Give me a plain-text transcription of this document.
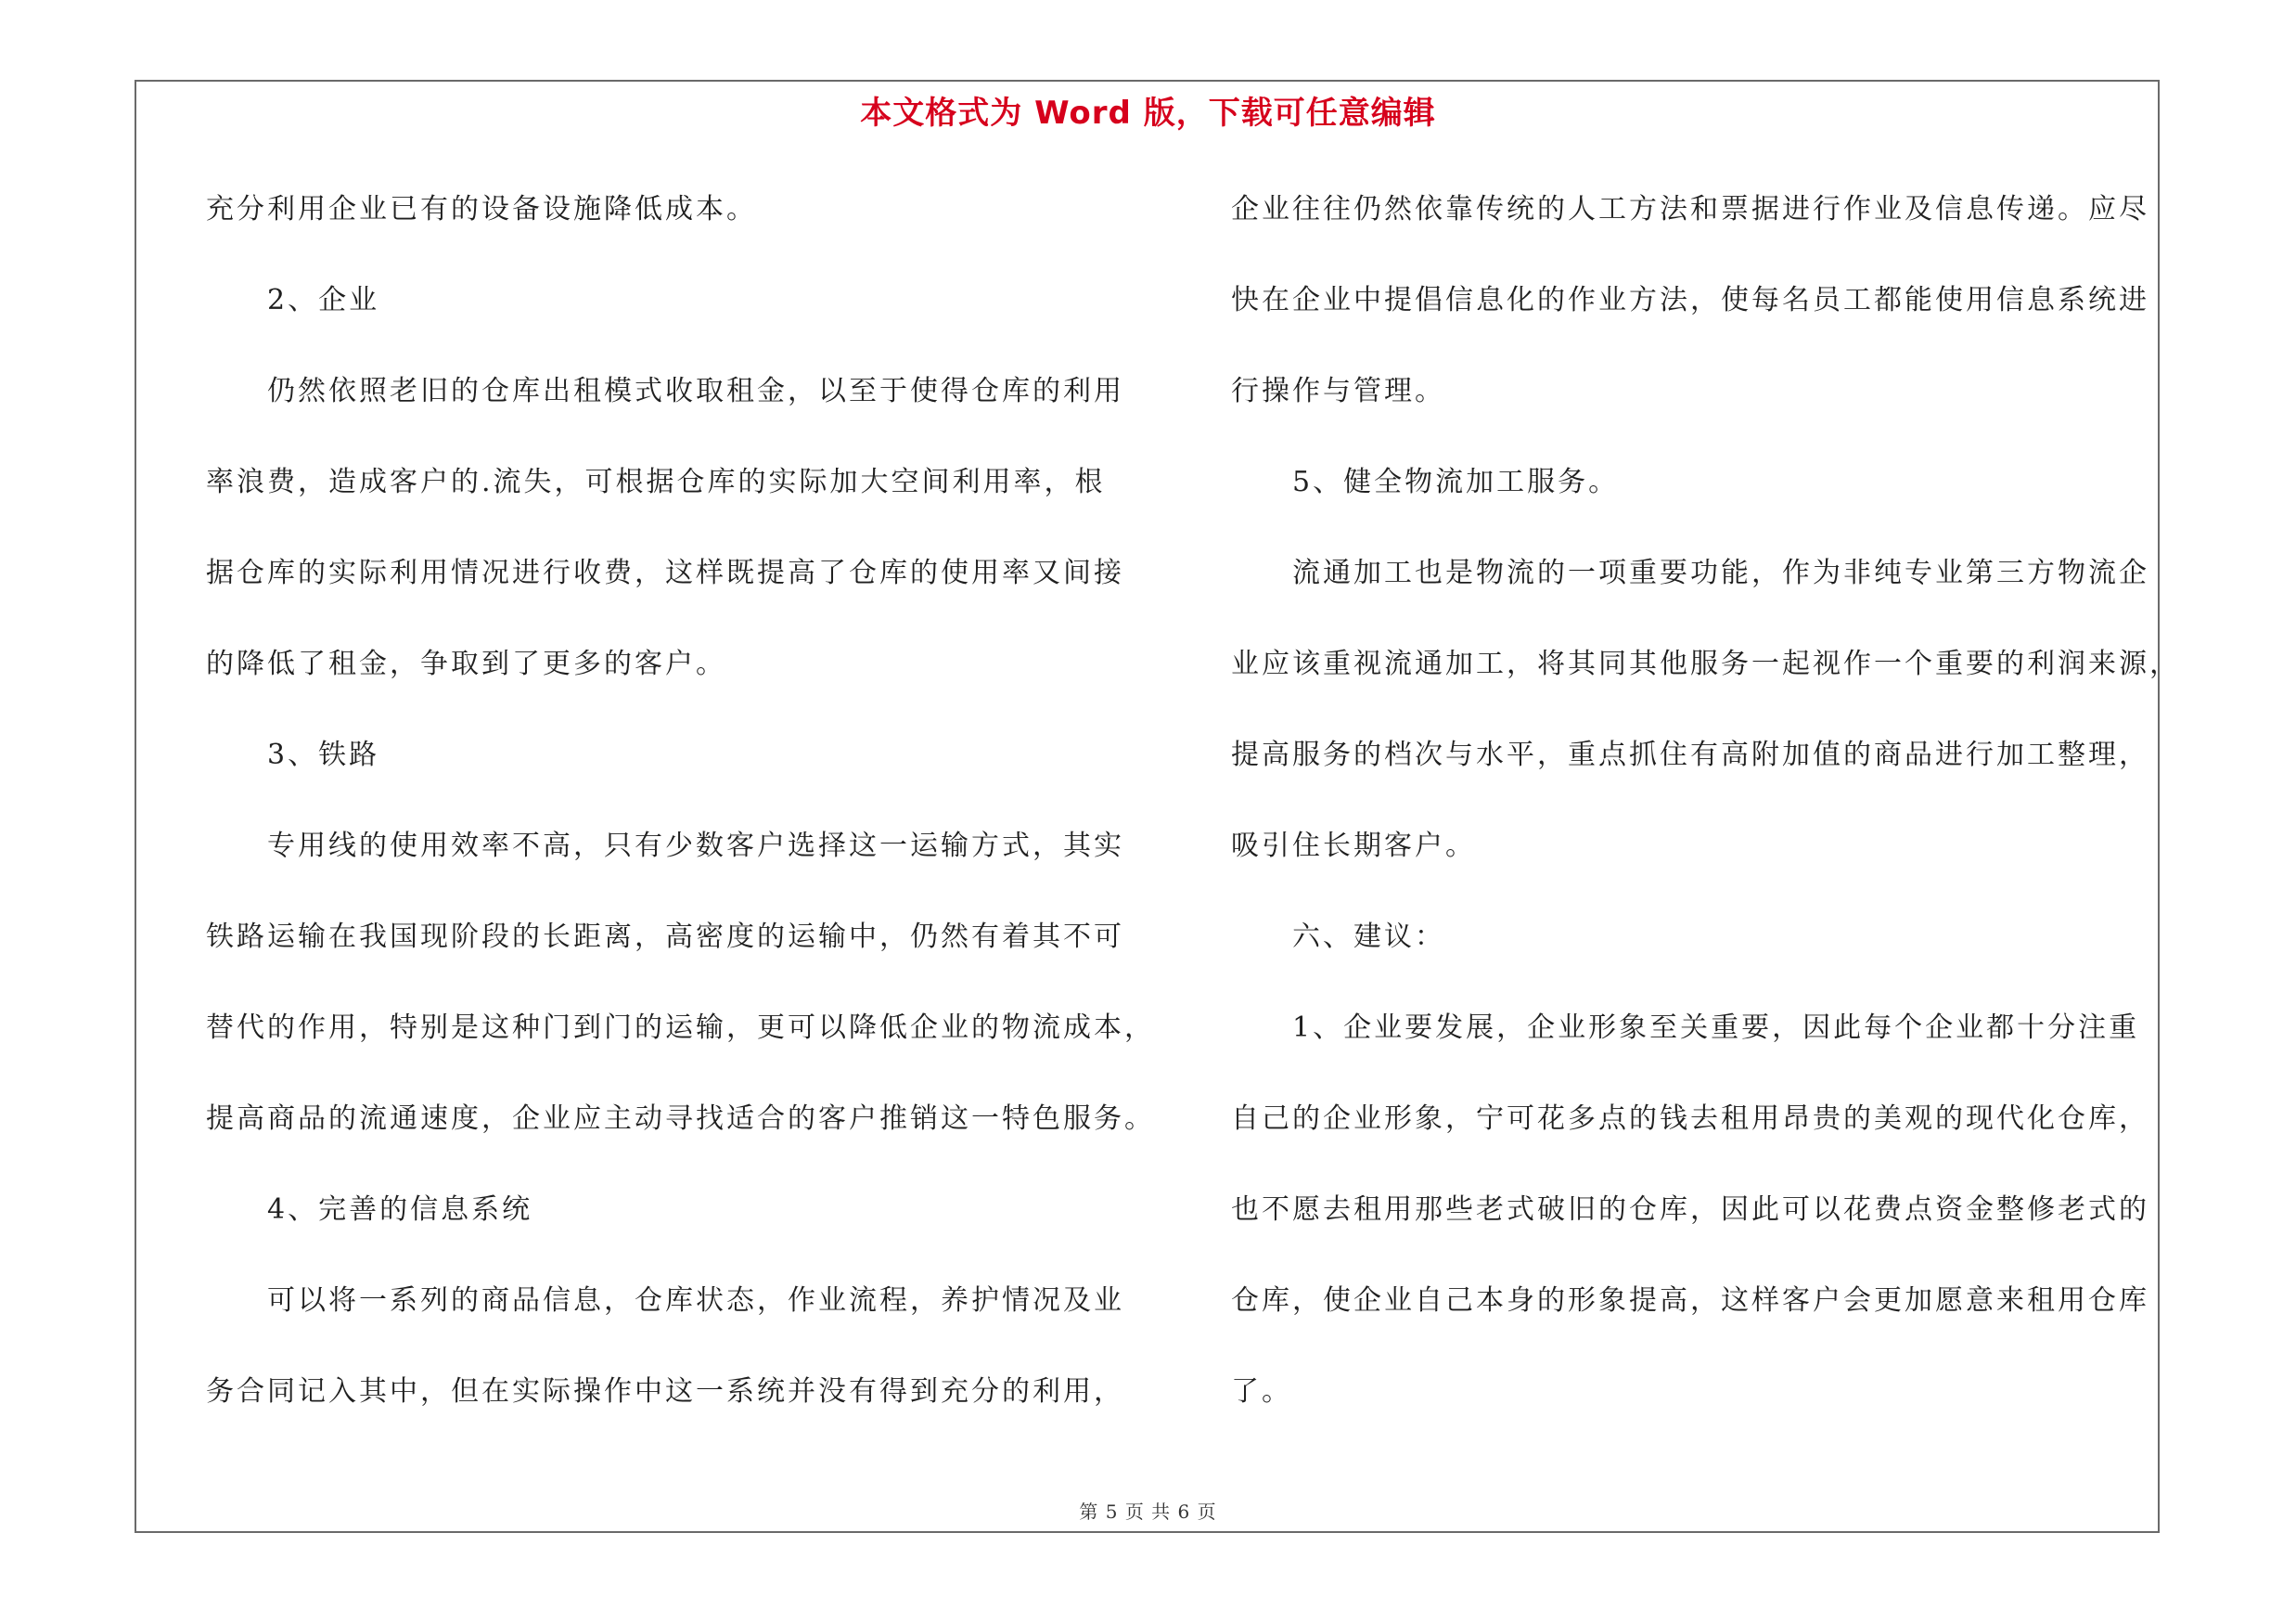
本文格式为 Word 版，下载可任意编辑
充分利用企业已有的设备设施降低成本。
　　2、企业
　　仍然依照老旧的仓库出租模式收取租金，以至于使得仓库的利用
率浪费，造成客户的.流失，可根据仓库的实际加大空间利用率，根
据仓库的实际利用情况进行收费，这样既提高了仓库的使用率又间接
的降低了租金，争取到了更多的客户。
　　3、铁路
　　专用线的使用效率不高，只有少数客户选择这一运输方式，其实
铁路运输在我国现阶段的长距离，高密度的运输中，仍然有着其不可
替代的作用，特别是这种门到门的运输，更可以降低企业的物流成本，
提高商品的流通速度，企业应主动寻找适合的客户推销这一特色服务。
　　4、完善的信息系统
　　可以将一系列的商品信息，仓库状态，作业流程，养护情况及业
务合同记入其中，但在实际操作中这一系统并没有得到充分的利用，
企业往往仍然依靠传统的人工方法和票据进行作业及信息传递。应尽
快在企业中提倡信息化的作业方法，使每名员工都能使用信息系统进
行操作与管理。
　　5、健全物流加工服务。
　　流通加工也是物流的一项重要功能，作为非纯专业第三方物流企
业应该重视流通加工，将其同其他服务一起视作一个重要的利润来源，
提高服务的档次与水平，重点抓住有高附加值的商品进行加工整理，
吸引住长期客户。
　　六、建议：
　　1、企业要发展，企业形象至关重要，因此每个企业都十分注重
自己的企业形象，宁可花多点的钱去租用昂贵的美观的现代化仓库，
也不愿去租用那些老式破旧的仓库，因此可以花费点资金整修老式的
仓库，使企业自己本身的形象提高，这样客户会更加愿意来租用仓库
了。
第 5 页 共 6 页
